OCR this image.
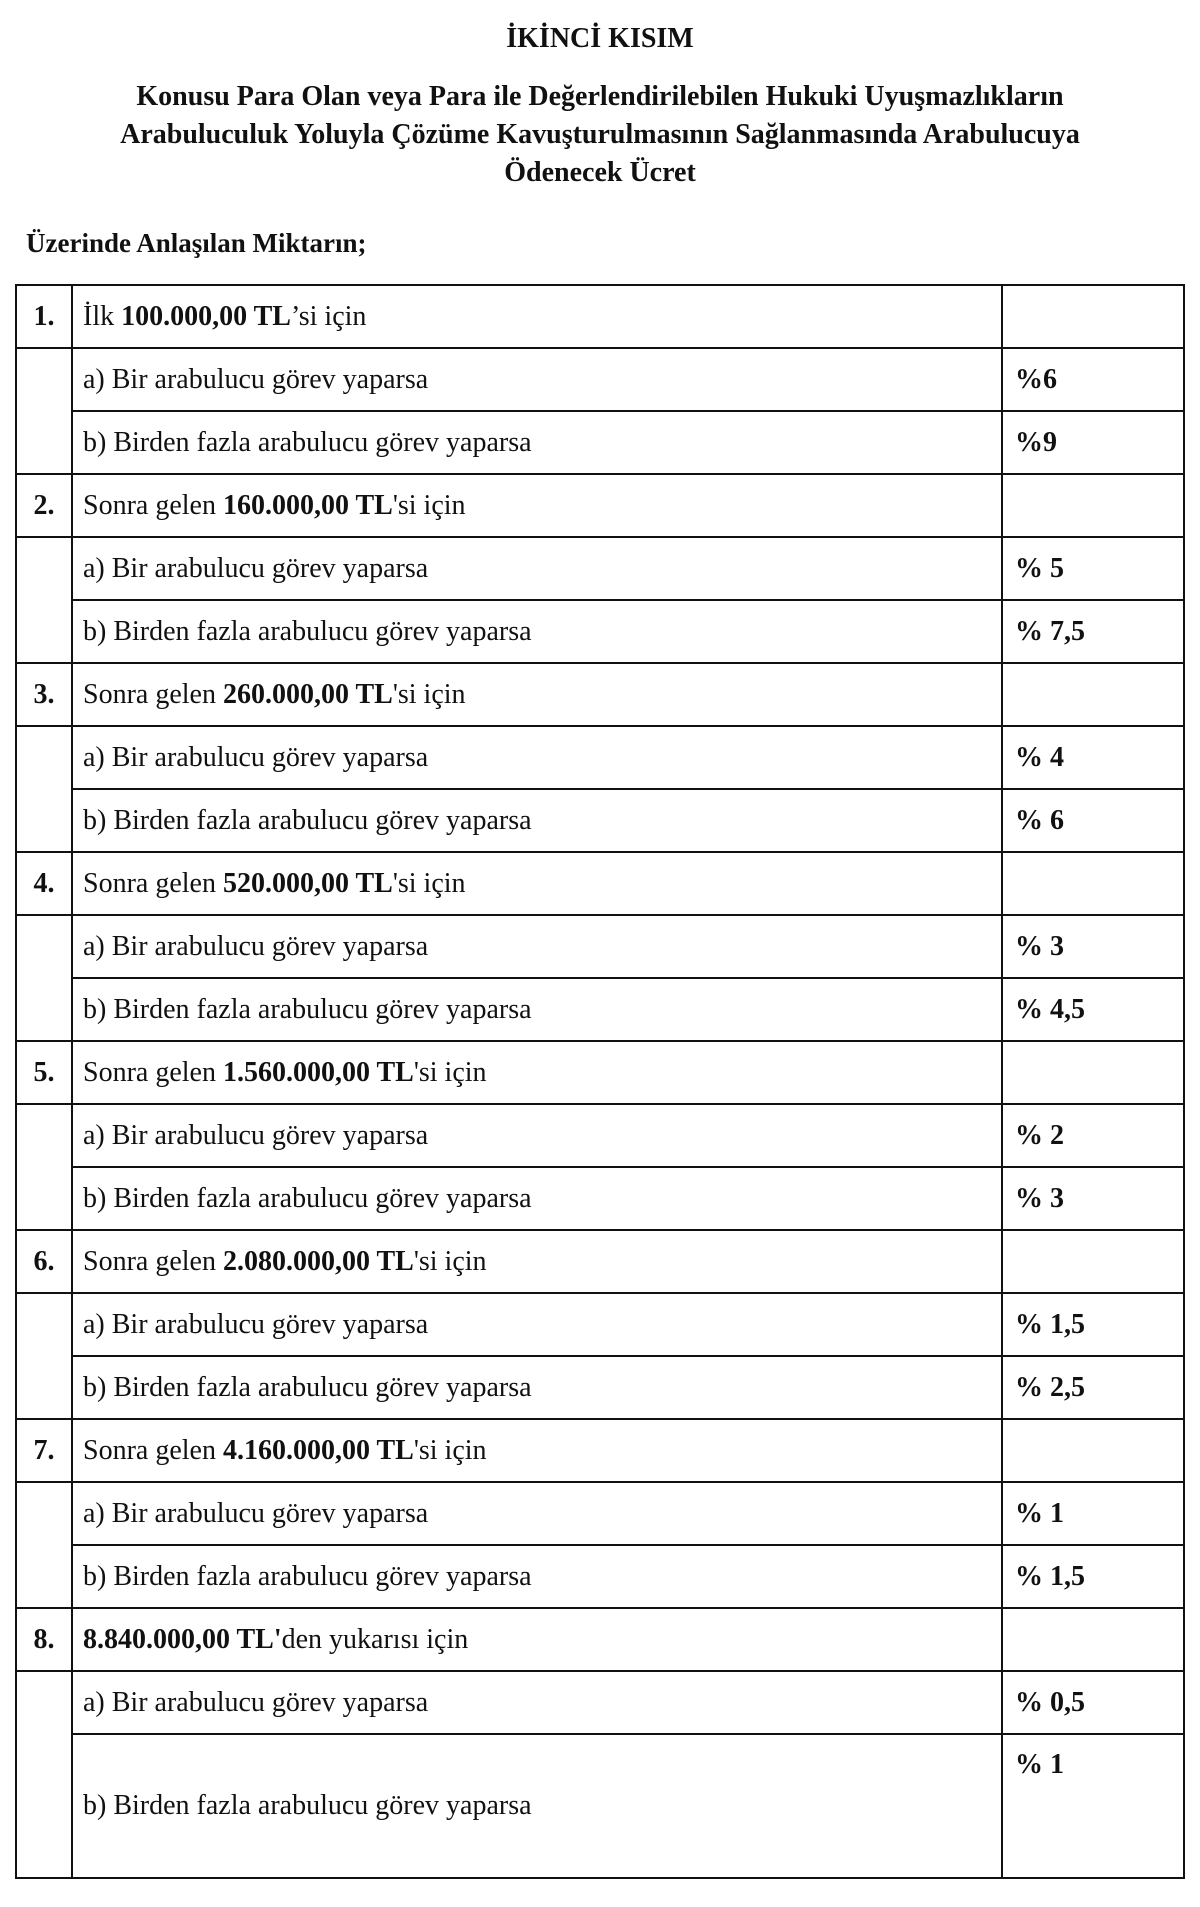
İKİNCİ KISIM
Konusu Para Olan veya Para ile Değerlendirilebilen Hukuki Uyuşmazlıkların
Arabuluculuk Yoluyla Çözüme Kavuşturulmasının Sağlanmasında Arabulucuya
Ödenecek Ücret
Üzerinde Anlaşılan Miktarın;
1.	İlk 100.000,00 TL’si için	
	a) Bir arabulucu görev yaparsa	%6
	b) Birden fazla arabulucu görev yaparsa	%9
2.	Sonra gelen 160.000,00 TL'si için	
	a) Bir arabulucu görev yaparsa	% 5
	b) Birden fazla arabulucu görev yaparsa	% 7,5
3.	Sonra gelen 260.000,00 TL'si için	
	a) Bir arabulucu görev yaparsa	% 4
	b) Birden fazla arabulucu görev yaparsa	% 6
4.	Sonra gelen 520.000,00 TL'si için	
	a) Bir arabulucu görev yaparsa	% 3
	b) Birden fazla arabulucu görev yaparsa	% 4,5
5.	Sonra gelen 1.560.000,00 TL'si için	
	a) Bir arabulucu görev yaparsa	% 2
	b) Birden fazla arabulucu görev yaparsa	% 3
6.	Sonra gelen 2.080.000,00 TL'si için	
	a) Bir arabulucu görev yaparsa	% 1,5
	b) Birden fazla arabulucu görev yaparsa	% 2,5
7.	Sonra gelen 4.160.000,00 TL'si için	
	a) Bir arabulucu görev yaparsa	% 1
	b) Birden fazla arabulucu görev yaparsa	% 1,5
8.	8.840.000,00 TL'den yukarısı için	
	a) Bir arabulucu görev yaparsa	% 0,5
	b) Birden fazla arabulucu görev yaparsa	% 1
